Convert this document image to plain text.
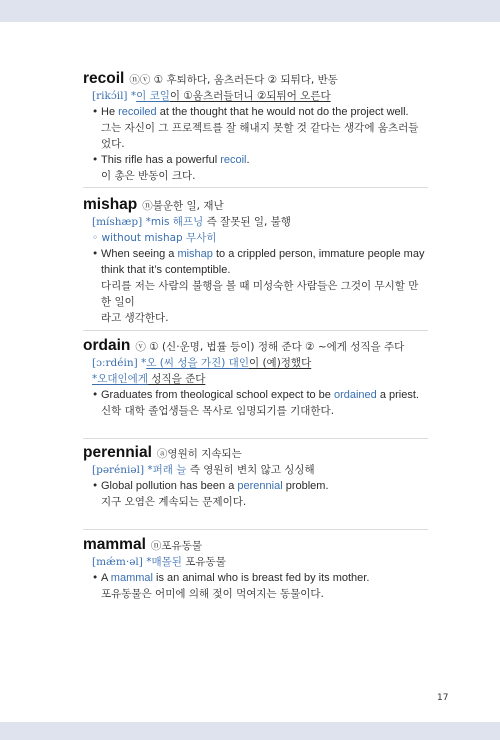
recoil ⓝⓥ ① 후퇴하다, 움츠러든다 ② 되튀다, 반동
[rikɔ́il] *이 코일이 ①움츠러들더니 ②되튀어 오른다
• He recoiled at the thought that he would not do the project well.
그는 자신이 그 프로젝트를 잘 해내지 못할 것 같다는 생각에 움츠러들었다.
• This rifle has a powerful recoil.
이 총은 반동이 크다.
mishap ⓝ불운한 일, 재난
[míshæp] *mis 해프닝 즉 잘못된 일, 불행
◦ without mishap 무사히
• When seeing a mishap to a crippled person, immature people may
think that it’s contemptible.
다리를 저는 사람의 불행을 볼 때 미성숙한 사람들은 그것이 무시할 만한 일이
라고 생각한다.
ordain ⓥ ① (신·운명, 법률 등이) 정해 준다 ② ~에게 성직을 주다
[ɔːrdéin] *오 (씨 성을 가진) 대인이 (예)정했다
*오대인에게 성직을 준다
• Graduates from theological school expect to be ordained a priest.
신학 대학 졸업생들은 목사로 임명되기를 기대한다.
perennial ⓐ영원히 지속되는
[pəréniəl] *퍼래 늘 즉 영원히 변치 않고 싱싱해
• Global pollution has been a perennial problem.
지구 오염은 계속되는 문제이다.
mammal ⓝ포유동물
[mǽm·əl] *매몰된 포유동물
• A mammal is an animal who is breast fed by its mother.
포유동물은 어미에 의해 젖이 먹여지는 동물이다.
17
